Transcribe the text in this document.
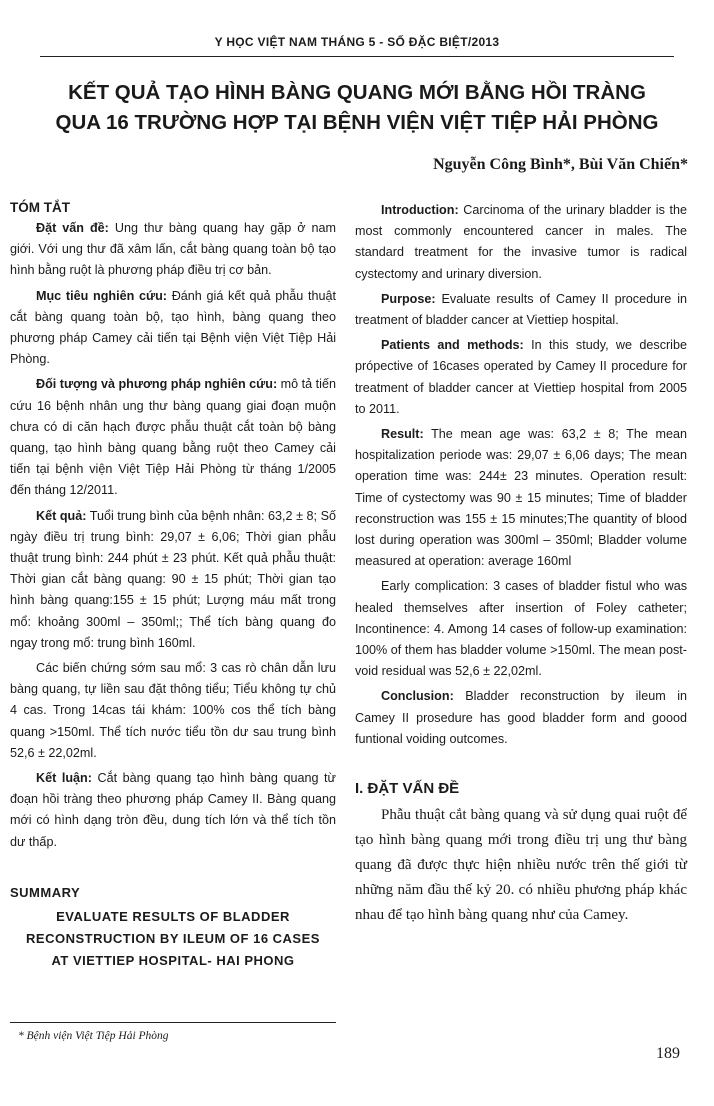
Y HỌC VIỆT NAM THÁNG 5 - SỐ ĐẶC BIỆT/2013
KẾT QUẢ TẠO HÌNH BÀNG QUANG MỚI BẰNG HỒI TRÀNG
QUA 16 TRƯỜNG HỢP TẠI BỆNH VIỆN VIỆT TIỆP HẢI PHÒNG
Nguyễn Công Bình*, Bùi Văn Chiến*
TÓM TẮT

Đặt vấn đề: Ung thư bàng quang hay gặp ở nam giới. Với ung thư đã xâm lấn, cắt bàng quang toàn bộ tạo hình bằng ruột là phương pháp điều trị cơ bản.

Mục tiêu nghiên cứu: Đánh giá kết quả phẫu thuật cắt bàng quang toàn bộ, tạo hình, bàng quang theo phương pháp Camey cải tiến tại Bệnh viện Việt Tiệp Hải Phòng.

Đối tượng và phương pháp nghiên cứu: mô tả tiến cứu 16 bệnh nhân ung thư bàng quang giai đoạn muộn chưa có di căn hạch được phẫu thuật cắt toàn bộ bàng quang, tạo hình bàng quang bằng ruột theo Camey cải tiến tại bệnh viện Việt Tiệp Hải Phòng từ tháng 1/2005 đến tháng 12/2011.

Kết quả: Tuổi trung bình của bệnh nhân: 63,2 ± 8; Số ngày điều trị trung bình: 29,07 ± 6,06; Thời gian phẫu thuật trung bình: 244 phút ± 23 phút. Kết quả phẫu thuật: Thời gian cắt bàng quang: 90 ± 15 phút; Thời gian tạo hình bàng quang:155 ± 15 phút; Lượng máu mất trong mổ: khoảng 300ml – 350ml;; Thể tích bàng quang đo ngay trong mổ: trung bình 160ml.

Các biến chứng sớm sau mổ: 3 cas rò chân dẫn lưu bàng quang, tự liền sau đặt thông tiểu; Tiểu không tự chủ 4 cas. Trong 14cas tái khám: 100% cos thể tích bàng quang >150ml. Thể tích nước tiểu tồn dư sau trung bình 52,6 ± 22,02ml.

Kết luận: Cắt bàng quang tạo hình bàng quang từ đoạn hồi tràng theo phương pháp Camey II. Bàng quang mới có hình dạng tròn đều, dung tích lớn và thể tích tồn dư thấp.

SUMMARY
EVALUATE RESULTS OF BLADDER
RECONSTRUCTION BY ILEUM OF 16 CASES
AT VIETTIEP HOSPITAL- HAI PHONG
* Bệnh viện Việt Tiệp Hải Phòng

Introduction: Carcinoma of the urinary bladder is the most commonly encountered cancer in males. The standard treatment for the invasive tumor is radical cystectomy and urinary diversion.

Purpose: Evaluate results of Camey II procedure in treatment of bladder cancer at Viettiep hospital.

Patients and methods: In this study, we describe própective of 16cases operated by Camey II procedure for treatment of bladder cancer at Viettiep hospital from 2005 to 2011.

Result: The mean age was: 63,2 ± 8; The mean hospitalization periode was: 29,07 ± 6,06 days; The mean operation time was: 244± 23 minutes. Operation result: Time of cystectomy was 90 ± 15 minutes; Time of bladder reconstruction was 155 ± 15 minutes;The quantity of blood lost during operation was 300ml – 350ml; Bladder volume measured at operation: average 160ml

Early complication: 3 cases of bladder fistul who was healed themselves after insertion of Foley catheter; Incontinence: 4. Among 14 cases of follow-up examination: 100% of them has bladder volume >150ml. The mean post-void residual was 52,6 ± 22,02ml.

Conclusion: Bladder reconstruction by ileum in Camey II prosedure has good bladder form and goood funtional voiding outcomes.

I. ĐẶT VẤN ĐỀ

Phẫu thuật cắt bàng quang và sử dụng quai ruột để tạo hình bàng quang mới trong điều trị ung thư bàng quang đã được thực hiện nhiều nước trên thế giới từ những năm đầu thế kỷ 20. có nhiều phương pháp khác nhau để tạo hình bàng quang như của Camey.

189
